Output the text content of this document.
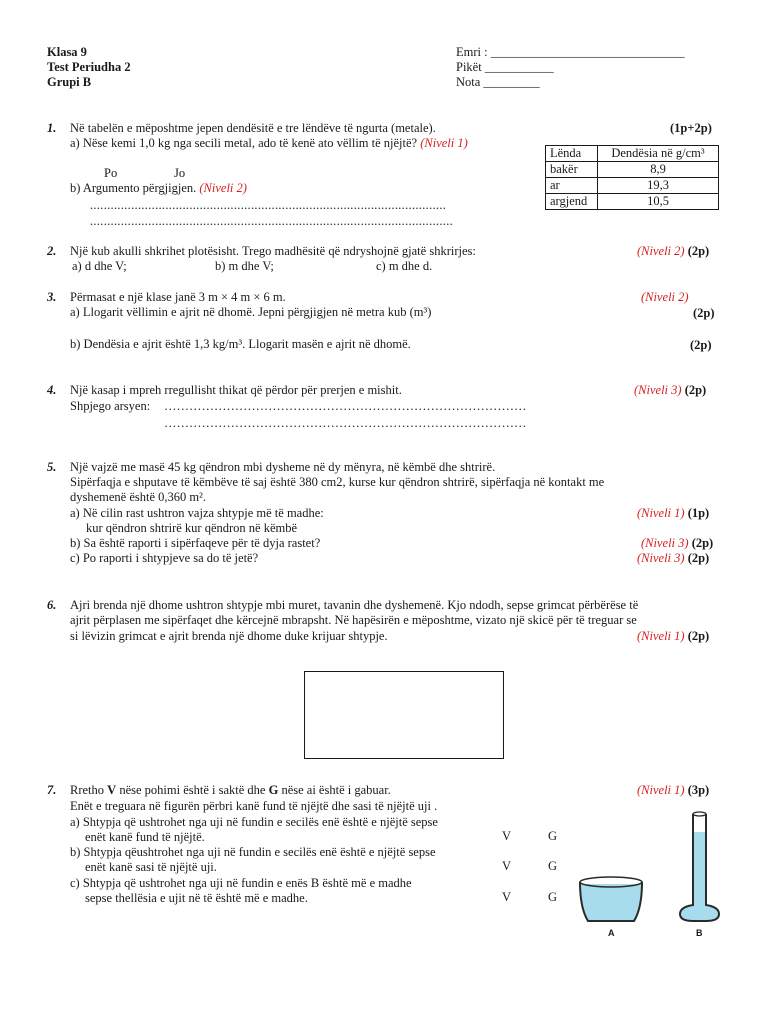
Klasa 9
Test Periudha 2
Grupi B
Emri : _______________________________
Pikët ___________
Nota _________
1. Në tabelën e mëposhtme jepen dendësitë e tre lëndëve të ngurta (metale).	(1p+2p)
a) Nëse kemi 1,0 kg nga secili metal, ado të kenë ato vëllim të njëjtë? (Niveli 1)
Po	Jo
b) Argumento përgjigjen. (Niveli 2)
........................................................................................................
..........................................................................................................
Lënda	Dendësia në g/cm³
bakër	8,9
ar	19,3
argjend	10,5
2. Një kub akulli shkrihet plotësisht. Trego madhësitë që ndryshojnë gjatë shkrirjes:	(Niveli 2) (2p)
a) d dhe V;	b) m dhe V;	c) m dhe d.
3. Përmasat e një klase janë 3 m × 4 m × 6 m.	(Niveli 2)
a) Llogarit vëllimin e ajrit në dhomë. Jepni përgjigjen në metra kub (m³)	(2p)
b) Dendësia e ajrit është 1,3 kg/m³. Llogarit masën e ajrit në dhomë.	(2p)
4. Një kasap i mpreh rregullisht thikat që përdor për prerjen e mishit.	(Niveli 3) (2p)
Shpjego arsyen: ……………………………………………………………………………
……………………………………………………………………………
5. Një vajzë me masë 45 kg qëndron mbi dysheme në dy mënyra, në këmbë dhe shtrirë.
Sipërfaqja e shputave të këmbëve të saj është 380 cm2, kurse kur qëndron shtrirë, sipërfaqja në kontakt me
dyshemenë është 0,360 m².
a) Në cilin rast ushtron vajza shtypje më të madhe:	(Niveli 1) (1p)
kur qëndron shtrirë kur qëndron në këmbë
b) Sa është raporti i sipërfaqeve për të dyja rastet?	(Niveli 3) (2p)
c) Po raporti i shtypjeve sa do të jetë?	(Niveli 3) (2p)
6. Ajri brenda një dhome ushtron shtypje mbi muret, tavanin dhe dyshemenë. Kjo ndodh, sepse grimcat përbërëse të
ajrit përplasen me sipërfaqet dhe kërcejnë mbrapsht. Në hapësirën e mëposhtme, vizato një skicë për të treguar se
si lëvizin grimcat e ajrit brenda një dhome duke krijuar shtypje.	(Niveli 1) (2p)
7. Rretho V nëse pohimi është i saktë dhe G nëse ai është i gabuar.	(Niveli 1) (3p)
Enët e treguara në figurën përbri kanë fund të njëjtë dhe sasi të njëjtë uji .
a) Shtypja që ushtrohet nga uji në fundin e secilës enë është e njëjtë sepse
enët kanë fund të njëjtë.	V	G
b) Shtypja qëushtrohet nga uji në fundin e secilës enë është e njëjtë sepse
enët kanë sasi të njëjtë uji.	V	G
c) Shtypja që ushtrohet nga uji në fundin e enës B është më e madhe
sepse thellësia e ujit në të është më e madhe.	V	G
A	B
